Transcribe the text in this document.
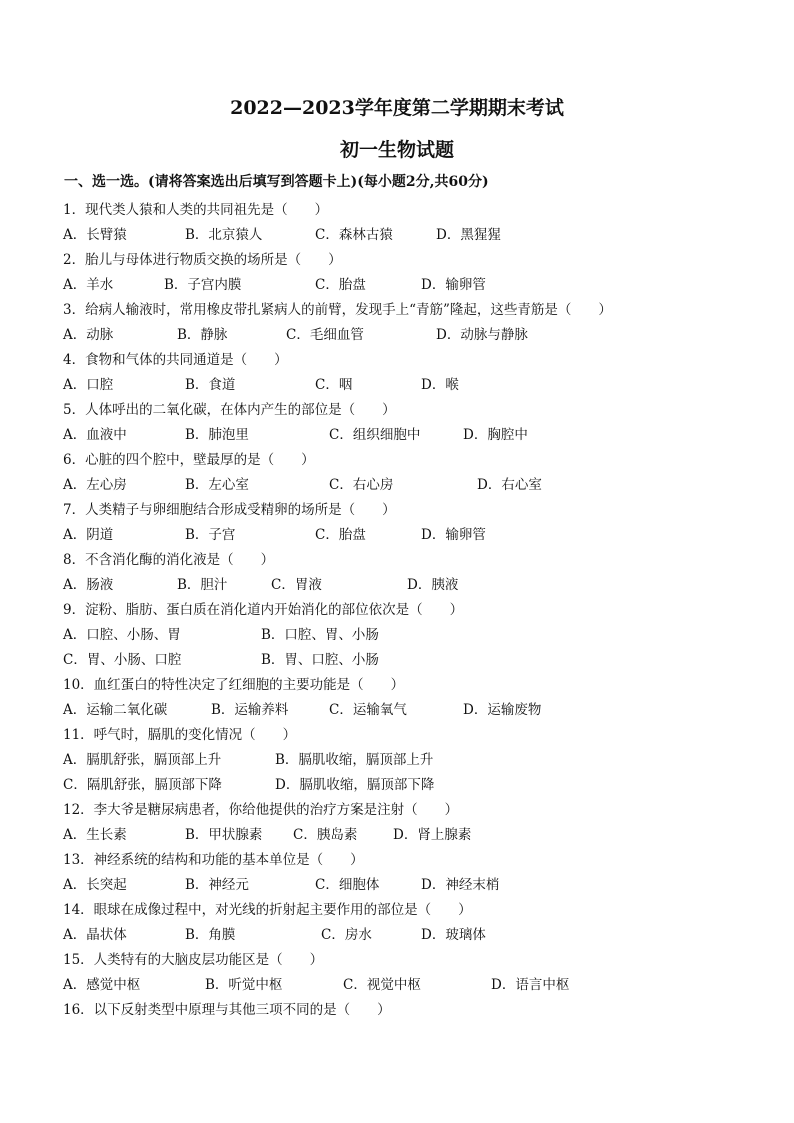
2022—2023学年度第二学期期末考试
初一生物试题
一、选一选。(请将答案选出后填写到答题卡上)(每小题2分,共60分)
1．现代类人猿和人类的共同祖先是（　　）
A．长臂猿	B．北京猿人	C．森林古猿	D．黑猩猩
2．胎儿与母体进行物质交换的场所是（　　）
A．羊水	B．子宫内膜	C．胎盘	D．输卵管
3．给病人输液时，常用橡皮带扎紧病人的前臂，发现手上“青筋”隆起，这些青筋是（　　）
A．动脉	B．静脉	C．毛细血管	D．动脉与静脉
4．食物和气体的共同通道是（　　）
A．口腔	B．食道	C．咽	D．喉
5．人体呼出的二氧化碳，在体内产生的部位是（　　）
A．血液中	B．肺泡里	C．组织细胞中	D．胸腔中
6．心脏的四个腔中，壁最厚的是（　　）
A．左心房	B．左心室	C．右心房	D．右心室
7．人类精子与卵细胞结合形成受精卵的场所是（　　）
A．阴道	B．子宫	C．胎盘	D．输卵管
8．不含消化酶的消化液是（　　）
A．肠液	B．胆汁	C．胃液	D．胰液
9．淀粉、脂肪、蛋白质在消化道内开始消化的部位依次是（　　）
A．口腔、小肠、胃	B．口腔、胃、小肠
C．胃、小肠、口腔	B．胃、口腔、小肠
10．血红蛋白的特性决定了红细胞的主要功能是（　　）
A．运输二氧化碳	B．运输养料	C．运输氧气	D．运输废物
11．呼气时，膈肌的变化情况（　　）
A．膈肌舒张，膈顶部上升	B．膈肌收缩，膈顶部上升
C．隔肌舒张，膈顶部下降	D．膈肌收缩，膈顶部下降
12．李大爷是糖尿病患者，你给他提供的治疗方案是注射（　　）
A．生长素	B．甲状腺素 C．胰岛素	D．肾上腺素
13．神经系统的结构和功能的基本单位是（　　）
A．长突起	B．神经元	C．细胞体	D．神经末梢
14．眼球在成像过程中，对光线的折射起主要作用的部位是（　　）
A．晶状体	B．角膜	C．房水	D．玻璃体
15．人类特有的大脑皮层功能区是（　　）
A．感觉中枢	B．听觉中枢	C．视觉中枢	D．语言中枢
16．以下反射类型中原理与其他三项不同的是（　　）
